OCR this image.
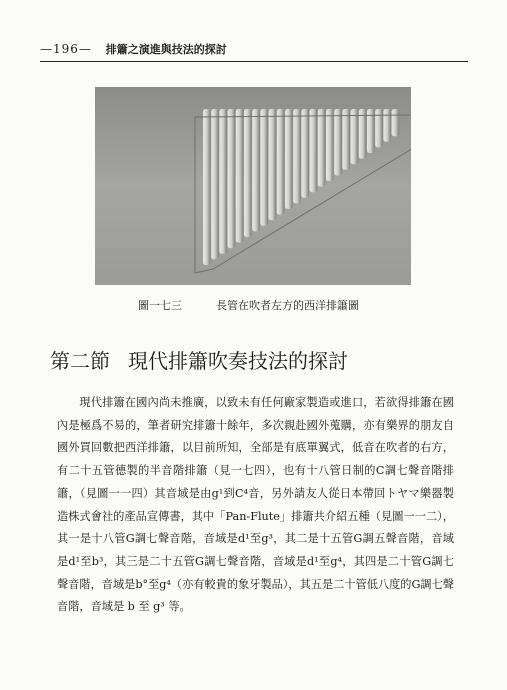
—196— 排簫之演進與技法的探討
圖一七三	長管在吹者左方的西洋排簫圖
第二節 現代排簫吹奏技法的探討

現代排簫在國內尚未推廣，以致未有任何廠家製造或進口，若欲得排簫在國內是極爲不易的，筆者研究排簫十餘年，多次親赴國外蒐購，亦有樂界的朋友自國外買回數把西洋排簫，以目前所知，全部是有底單翼式，低音在吹者的右方，有二十五管德製的半音階排簫（見一七四），也有十八管日制的C調七聲音階排簫，（見圖一一四）其音域是由g¹到C⁴音，另外請友人從日本帶回トヤマ樂器製造株式會社的產品宣傳書，其中「Pan-Flute」排簫共介紹五種（見圖一一二），其一是十八管G調七聲音階，音域是d¹至g³，其二是十五管G調五聲音階，音域是d¹至b³，其三是二十五管G調七聲音階，音域是d¹至g⁴，其四是二十管G調七聲音階，音域是b°至g⁴（亦有較貴的象牙製品），其五是二十管低八度的G調七聲音階，音域是 b 至 g³ 等。
